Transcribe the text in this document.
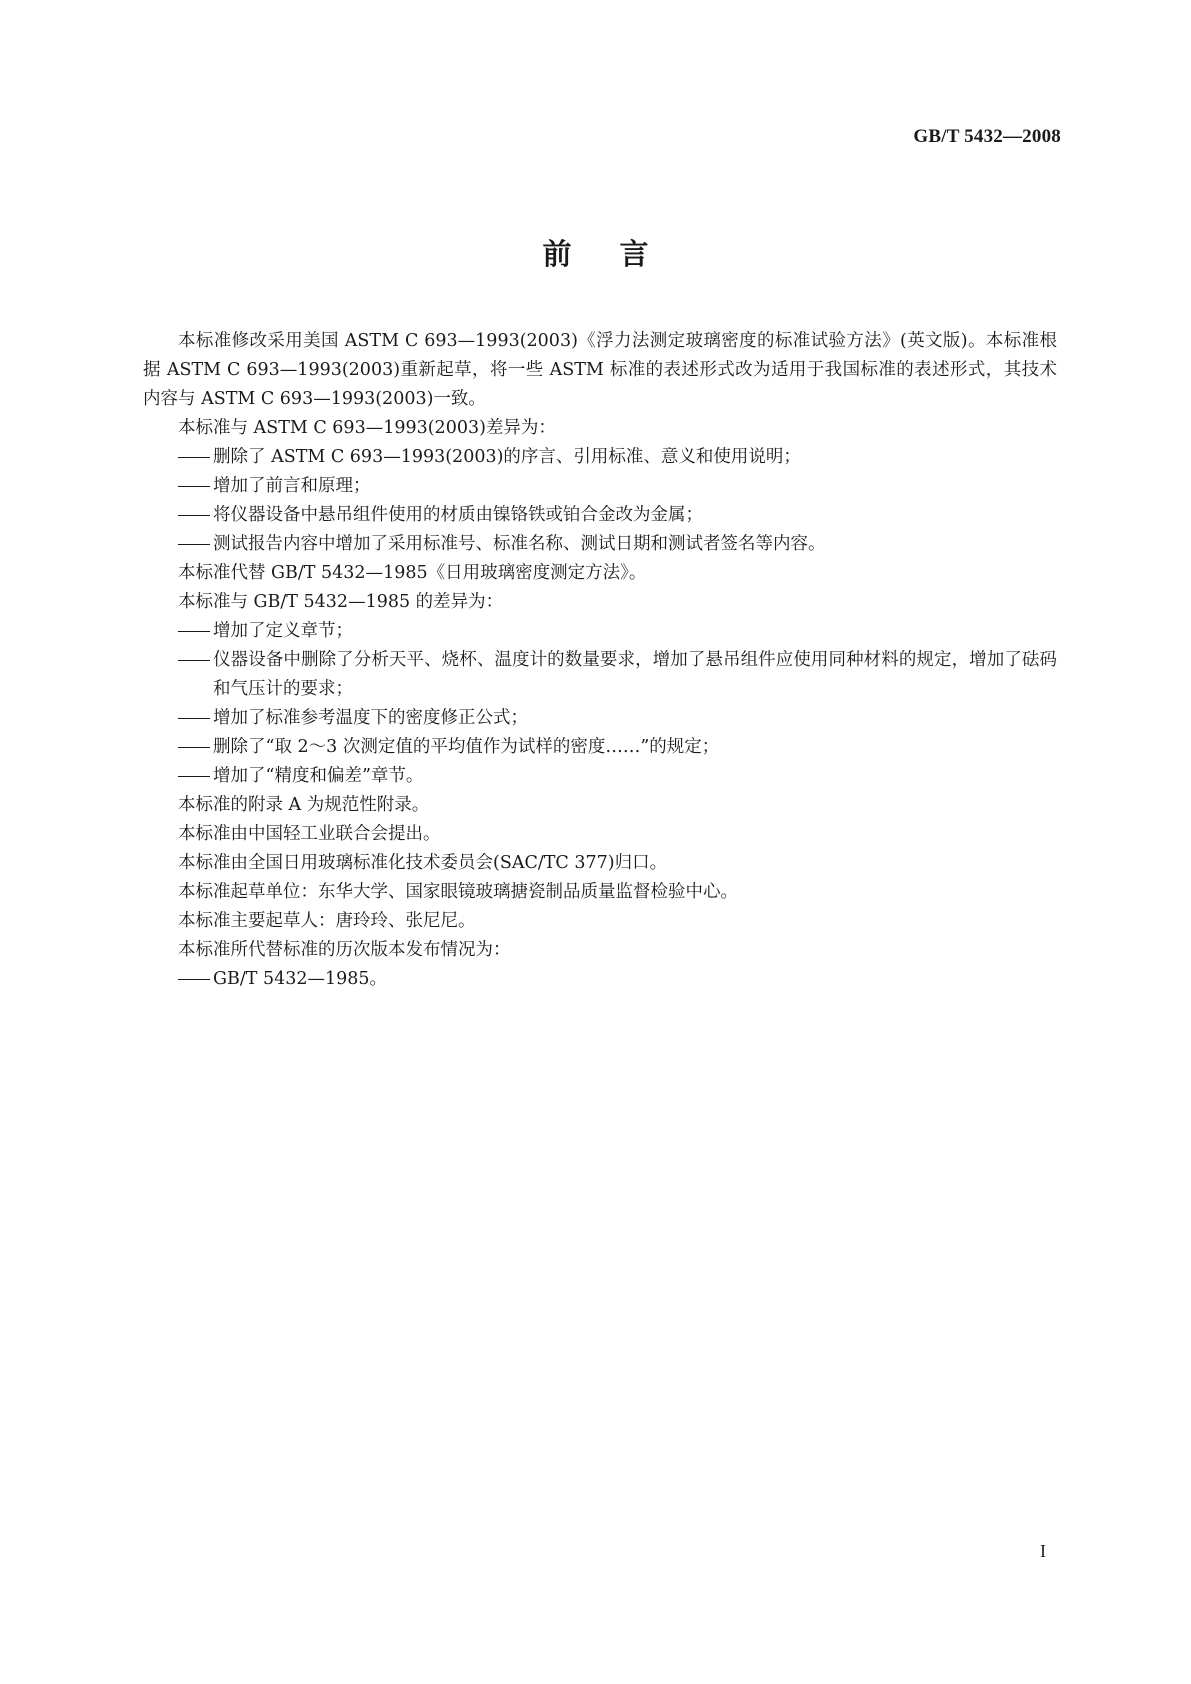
GB/T 5432—2008
前言

本标准修改采用美国 ASTM C 693—1993(2003)《浮力法测定玻璃密度的标准试验方法》(英文版)。本标准根据 ASTM C 693—1993(2003)重新起草，将一些 ASTM 标准的表述形式改为适用于我国标准的表述形式，其技术内容与 ASTM C 693—1993(2003)一致。

本标准与 ASTM C 693—1993(2003)差异为：

删除了 ASTM C 693—1993(2003)的序言、引用标准、意义和使用说明；

增加了前言和原理；

将仪器设备中悬吊组件使用的材质由镍铬铁或铂合金改为金属；

测试报告内容中增加了采用标准号、标准名称、测试日期和测试者签名等内容。

本标准代替 GB/T 5432—1985《日用玻璃密度测定方法》。

本标准与 GB/T 5432—1985 的差异为：

增加了定义章节；

仪器设备中删除了分析天平、烧杯、温度计的数量要求，增加了悬吊组件应使用同种材料的规定，增加了砝码和气压计的要求；

增加了标准参考温度下的密度修正公式；

删除了“取 2～3 次测定值的平均值作为试样的密度……”的规定；

增加了“精度和偏差”章节。

本标准的附录 A 为规范性附录。

本标准由中国轻工业联合会提出。

本标准由全国日用玻璃标准化技术委员会(SAC/TC 377)归口。

本标准起草单位：东华大学、国家眼镜玻璃搪瓷制品质量监督检验中心。

本标准主要起草人：唐玲玲、张尼尼。

本标准所代替标准的历次版本发布情况为：

GB/T 5432—1985。

I
